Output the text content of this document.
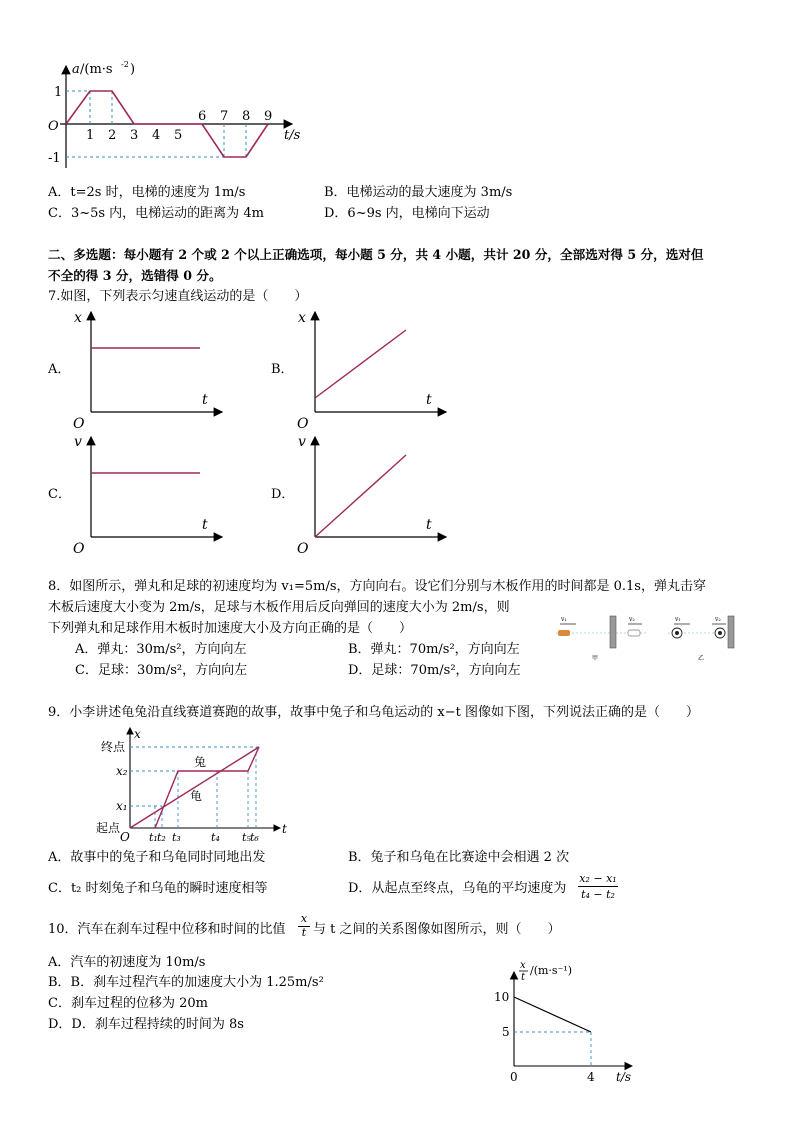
a /(m·s -2 )
1
-1
O
t/s
1 2 3 4 5
6 7 8 9
A．t=2s 时，电梯的速度为 1m/s	B．电梯运动的最大速度为 3m/s
C．3~5s 内，电梯运动的距离为 4m	D．6~9s 内，电梯向下运动
二、多选题：每小题有 2 个或 2 个以上正确选项，每小题 5 分，共 4 小题，共计 20 分，全部选对得 5 分，选对但
不全的得 3 分，选错得 0 分。
7.如图，下列表示匀速直线运动的是（　　）
A．
x
t
O
B．
x
t
O
C．
v
t
O
D．
v
t
O
8．如图所示，弹丸和足球的初速度均为 v₁=5m/s，方向向右。设它们分别与木板作用的时间都是 0.1s，弹丸击穿
木板后速度大小变为 2m/s，足球与木板作用后反向弹回的速度大小为 2m/s，则
下列弹丸和足球作用木板时加速度大小及方向正确的是（　　）
A．弹丸：30m/s²，方向向左	B．弹丸：70m/s²，方向向左
C．足球：30m/s²，方向向左	D．足球：70m/s²，方向向左
v₁	v₂
甲
v₁	v₂
乙
9．小李讲述龟兔沿直线赛道赛跑的故事，故事中兔子和乌龟运动的 x−t 图像如下图，下列说法正确的是（　　）
x
终点
x₂
x₁
起点
兔
龟
O
t
t₁ t₂ t₃	t₄ t₅ t₆
A．故事中的兔子和乌龟同时同地出发	B．兔子和乌龟在比赛途中会相遇 2 次
C．t₂ 时刻兔子和乌龟的瞬时速度相等	D．从起点至终点，乌龟的平均速度为 $\frac{\text{x₂ − x₁}}{\text{t₄ − t₂}}$
10．汽车在刹车过程中位移和时间的比值 $\frac{x}{t}$ 与 t 之间的关系图像如图所示，则（　　）
A．汽车的初速度为 10m/s
B．B．刹车过程汽车的加速度大小为 1.25m/s²
C．刹车过程的位移为 20m
D．D．刹车过程持续的时间为 8s
x
t
/(m·s⁻¹)
10
5
0	4 t/s
